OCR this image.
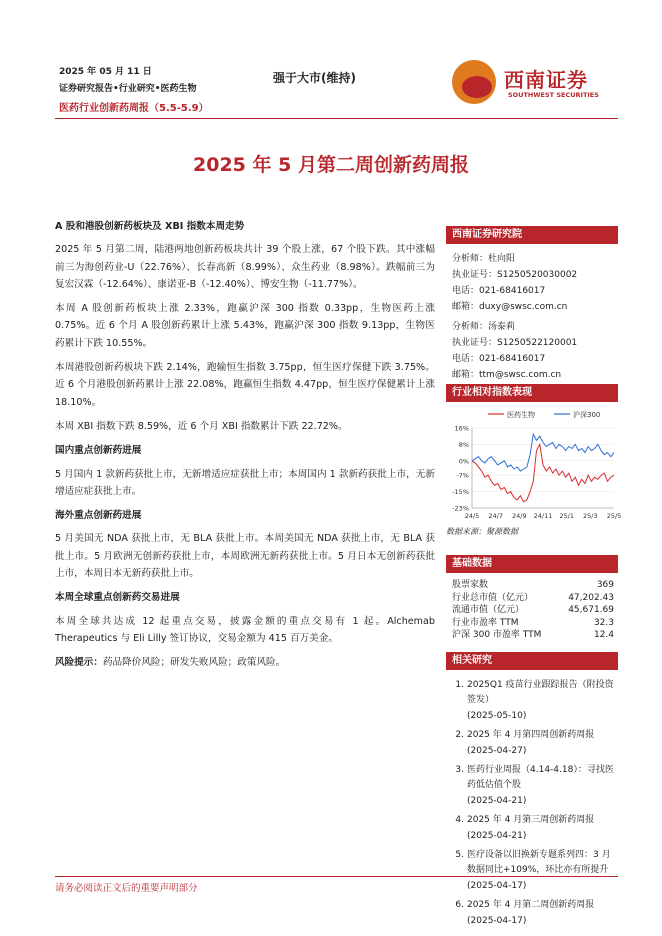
2025 年 05 月 11 日
证券研究报告•行业研究•医药生物
医药行业创新药周报（5.5-5.9）
强于大市(维持)	西南证券
SOUTHWEST SECURITIES
2025 年 5 月第二周创新药周报
A 股和港股创新药板块及 XBI 指数本周走势

2025 年 5 月第二周，陆港两地创新药板块共计 39 个股上涨，67 个股下跌。其中涨幅前三为海创药业-U（22.76%）、长春高新（8.99%）、众生药业（8.98%）。跌幅前三为复宏汉霖（-12.64%）、康诺亚-B（-12.40%）、博安生物（-11.77%）。

本周 A 股创新药板块上涨 2.33%，跑赢沪深 300 指数 0.33pp，生物医药上涨 0.75%。近 6 个月 A 股创新药累计上涨 5.43%，跑赢沪深 300 指数 9.13pp，生物医药累计下跌 10.55%。

本周港股创新药板块下跌 2.14%，跑输恒生指数 3.75pp，恒生医疗保健下跌 3.75%。近 6 个月港股创新药累计上涨 22.08%，跑赢恒生指数 4.47pp，恒生医疗保健累计上涨 18.10%。

本周 XBI 指数下跌 8.59%，近 6 个月 XBI 指数累计下跌 22.72%。

国内重点创新药进展

5 月国内 1 款新药获批上市，无新增适应症获批上市；本周国内 1 款新药获批上市，无新增适应症获批上市。

海外重点创新药进展

5 月美国无 NDA 获批上市，无 BLA 获批上市。本周美国无 NDA 获批上市，无 BLA 获批上市。5 月欧洲无创新药获批上市，本周欧洲无新药获批上市。5 月日本无创新药获批上市，本周日本无新药获批上市。

本周全球重点创新药交易进展

本周全球共达成 12 起重点交易，披露金额的重点交易有 1 起。Alchemab Therapeutics 与 Eli Lilly 签订协议，交易金额为 415 百万美金。

风险提示：药品降价风险；研发失败风险；政策风险。

西南证券研究院
分析师：杜向阳
执业证号：S1250520030002
电话：021-68416017
邮箱：duxy@swsc.com.cn
分析师：汤泰莉
执业证号：S1250522120001
电话：021-68416017
邮箱：ttm@swsc.com.cn
行业相对指数表现
医药生物	沪深300
16%
8%
0%
-7%
-15%
-23%
24/5 24/7 24/9 24/11 25/1 25/3 25/5
数据来源：聚源数据
基础数据
股票家数	369
行业总市值（亿元）	47,202.43
流通市值（亿元）	45,671.69
行业市盈率 TTM	32.3
沪深 300 市盈率 TTM	12.4
相关研究
1. 2025Q1 疫苗行业跟踪报告（附投资签发）
(2025-05-10)
2. 2025 年 4 月第四周创新药周报
(2025-04-27)
3. 医药行业周报（4.14-4.18）：寻找医药低估值个股
(2025-04-21)
4. 2025 年 4 月第三周创新药周报
(2025-04-21)
5. 医疗设备以旧换新专题系列四：3 月数据同比+109%，环比亦有所提升
(2025-04-17)
6. 2025 年 4 月第二周创新药周报
(2025-04-17)
请务必阅读正文后的重要声明部分
